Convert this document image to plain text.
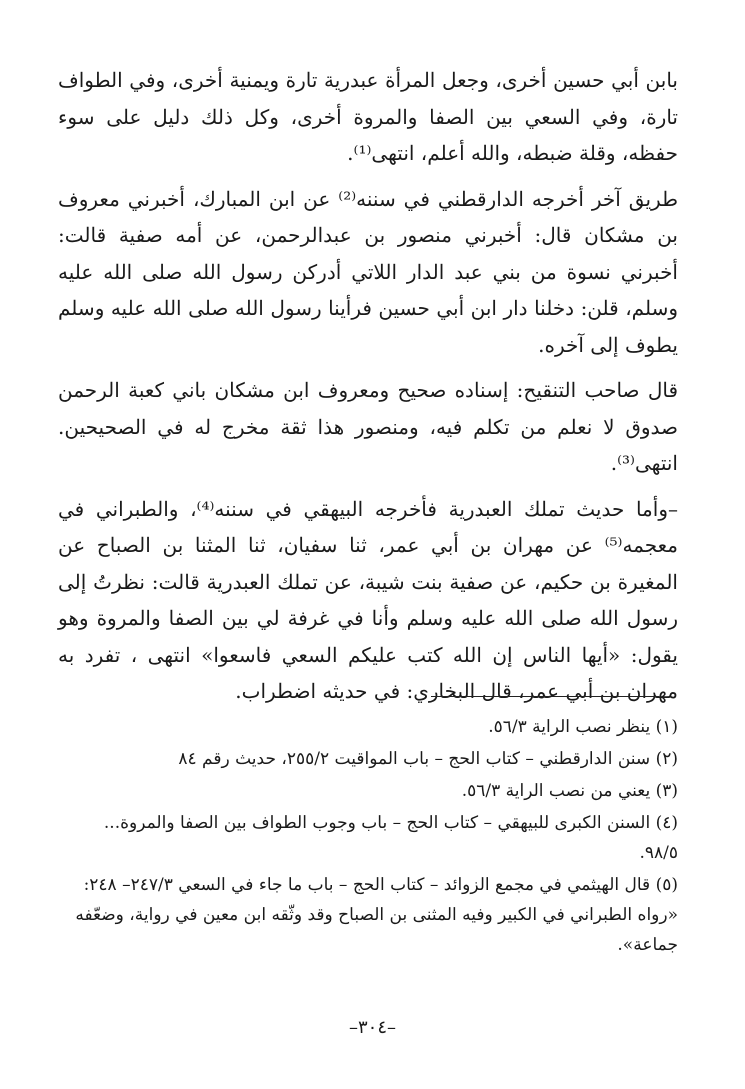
بابن أبي حسين أخرى، وجعل المرأة عبدرية تارة ويمنية أخرى، وفي الطواف تارة، وفي السعي بين الصفا والمروة أخرى، وكل ذلك دليل على سوء حفظه، وقلة ضبطه، والله أعلم، انتهى⁽¹⁾.

طريق آخر أخرجه الدارقطني في سننه⁽²⁾ عن ابن المبارك، أخبرني معروف بن مشكان قال: أخبرني منصور بن عبدالرحمن، عن أمه صفية قالت: أخبرني نسوة من بني عبد الدار اللاتي أدركن رسول الله صلى الله عليه وسلم، قلن: دخلنا دار ابن أبي حسين فرأينا رسول الله صلى الله عليه وسلم يطوف إلى آخره.

قال صاحب التنقيح: إسناده صحيح ومعروف ابن مشكان باني كعبة الرحمن صدوق لا نعلم من تكلم فيه، ومنصور هذا ثقة مخرج له في الصحيحين. انتهى⁽³⁾.

–وأما حديث تملك العبدرية فأخرجه البيهقي في سننه⁽⁴⁾، والطبراني في معجمه⁽⁵⁾ عن مهران بن أبي عمر، ثنا سفيان، ثنا المثنا بن الصباح عن المغيرة بن حكيم، عن صفية بنت شيبة، عن تملك العبدرية قالت: نظرتُ إلى رسول الله صلى الله عليه وسلم وأنا في غرفة لي بين الصفا والمروة وهو يقول: «أيها الناس إن الله كتب عليكم السعي فاسعوا» انتهى ، تفرد به مهران بن أبي عمر، قال البخاري: في حديثه اضطراب.

(١) ينظر نصب الراية ٥٦/٣.

(٢) سنن الدارقطني – كتاب الحج – باب المواقيت ٢٥٥/٢، حديث رقم ٨٤

(٣) يعني من نصب الراية ٥٦/٣.

(٤) السنن الكبرى للبيهقي – كتاب الحج – باب وجوب الطواف بين الصفا والمروة... ٩٨/٥.

(٥) قال الهيثمي في مجمع الزوائد – كتاب الحج – باب ما جاء في السعي ٢٤٧/٣– ٢٤٨: «رواه الطبراني في الكبير وفيه المثنى بن الصباح وقد وثّقه ابن معين في رواية، وضعّفه جماعة».

–٣٠٤–
